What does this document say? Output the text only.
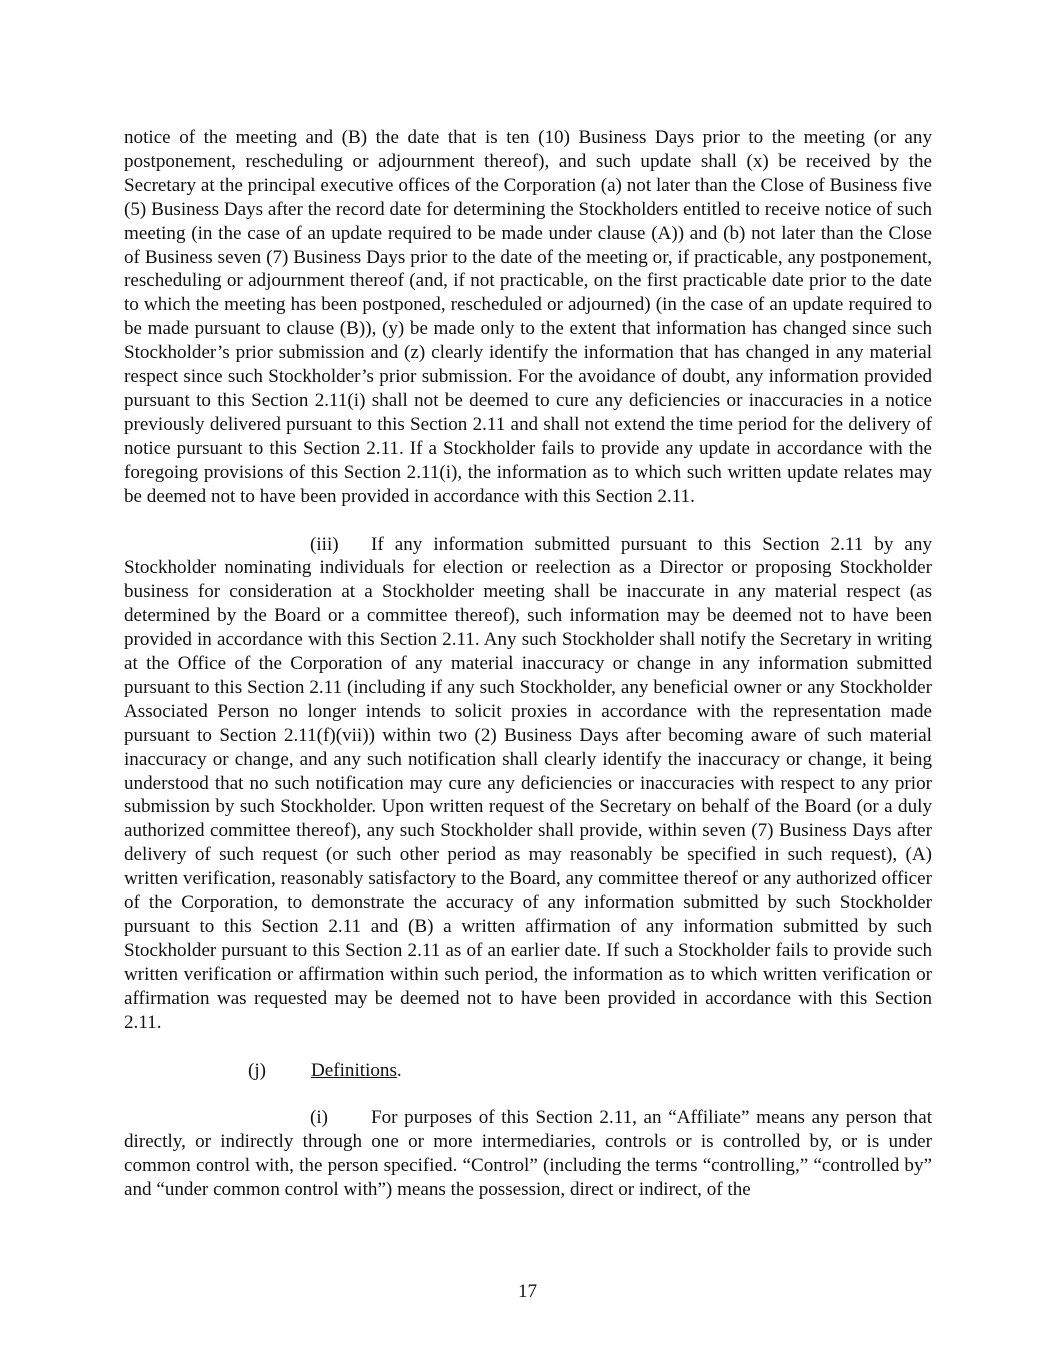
notice of the meeting and (B) the date that is ten (10) Business Days prior to the meeting (or any postponement, rescheduling or adjournment thereof), and such update shall (x) be received by the Secretary at the principal executive offices of the Corporation (a) not later than the Close of Business five (5) Business Days after the record date for determining the Stockholders entitled to receive notice of such meeting (in the case of an update required to be made under clause (A)) and (b) not later than the Close of Business seven (7) Business Days prior to the date of the meeting or, if practicable, any postponement, rescheduling or adjournment thereof (and, if not practicable, on the first practicable date prior to the date to which the meeting has been postponed, rescheduled or adjourned) (in the case of an update required to be made pursuant to clause (B)), (y) be made only to the extent that information has changed since such Stockholder’s prior submission and (z) clearly identify the information that has changed in any material respect since such Stockholder’s prior submission. For the avoidance of doubt, any information provided pursuant to this Section 2.11(i) shall not be deemed to cure any deficiencies or inaccuracies in a notice previously delivered pursuant to this Section 2.11 and shall not extend the time period for the delivery of notice pursuant to this Section 2.11. If a Stockholder fails to provide any update in accordance with the foregoing provisions of this Section 2.11(i), the information as to which such written update relates may be deemed not to have been provided in accordance with this Section 2.11.

(iii) If any information submitted pursuant to this Section 2.11 by any Stockholder nominating individuals for election or reelection as a Director or proposing Stockholder business for consideration at a Stockholder meeting shall be inaccurate in any material respect (as determined by the Board or a committee thereof), such information may be deemed not to have been provided in accordance with this Section 2.11. Any such Stockholder shall notify the Secretary in writing at the Office of the Corporation of any material inaccuracy or change in any information submitted pursuant to this Section 2.11 (including if any such Stockholder, any beneficial owner or any Stockholder Associated Person no longer intends to solicit proxies in accordance with the representation made pursuant to Section 2.11(f)(vii)) within two (2) Business Days after becoming aware of such material inaccuracy or change, and any such notification shall clearly identify the inaccuracy or change, it being understood that no such notification may cure any deficiencies or inaccuracies with respect to any prior submission by such Stockholder. Upon written request of the Secretary on behalf of the Board (or a duly authorized committee thereof), any such Stockholder shall provide, within seven (7) Business Days after delivery of such request (or such other period as may reasonably be specified in such request), (A) written verification, reasonably satisfactory to the Board, any committee thereof or any authorized officer of the Corporation, to demonstrate the accuracy of any information submitted by such Stockholder pursuant to this Section 2.11 and (B) a written affirmation of any information submitted by such Stockholder pursuant to this Section 2.11 as of an earlier date. If such a Stockholder fails to provide such written verification or affirmation within such period, the information as to which written verification or affirmation was requested may be deemed not to have been provided in accordance with this Section 2.11.

(j) Definitions.

(i) For purposes of this Section 2.11, an “Affiliate” means any person that directly, or indirectly through one or more intermediaries, controls or is controlled by, or is under common control with, the person specified. “Control” (including the terms “controlling,” “controlled by” and “under common control with”) means the possession, direct or indirect, of the

17
